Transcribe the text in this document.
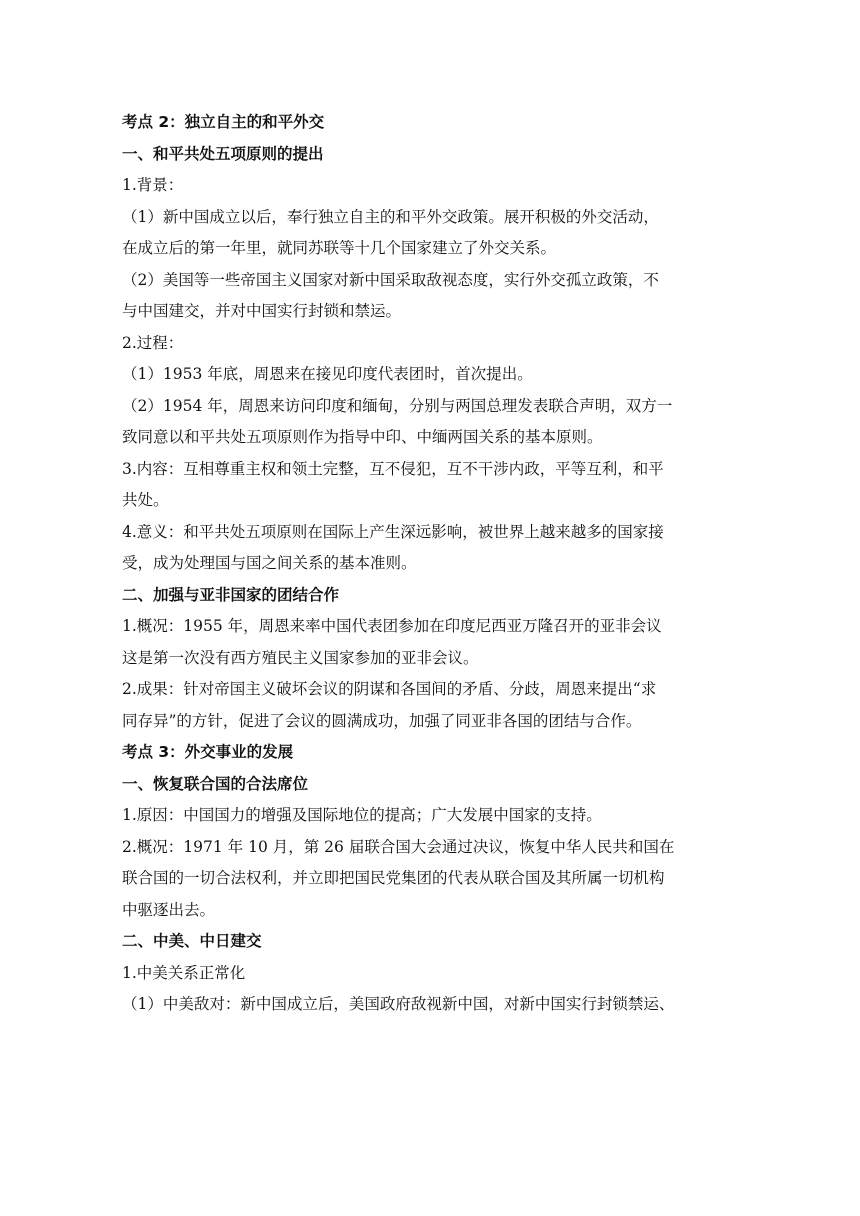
考点 2：独立自主的和平外交
一、和平共处五项原则的提出
1.背景：
（1）新中国成立以后，奉行独立自主的和平外交政策。展开积极的外交活动，
在成立后的第一年里，就同苏联等十几个国家建立了外交关系。
（2）美国等一些帝国主义国家对新中国采取敌视态度，实行外交孤立政策，不
与中国建交，并对中国实行封锁和禁运。
2.过程：
（1）1953 年底，周恩来在接见印度代表团时，首次提出。
（2）1954 年，周恩来访问印度和缅甸，分别与两国总理发表联合声明，双方一
致同意以和平共处五项原则作为指导中印、中缅两国关系的基本原则。
3.内容：互相尊重主权和领土完整，互不侵犯，互不干涉内政，平等互利，和平
共处。
4.意义：和平共处五项原则在国际上产生深远影响，被世界上越来越多的国家接
受，成为处理国与国之间关系的基本准则。
二、加强与亚非国家的团结合作
1.概况：1955 年，周恩来率中国代表团参加在印度尼西亚万隆召开的亚非会议
这是第一次没有西方殖民主义国家参加的亚非会议。
2.成果：针对帝国主义破坏会议的阴谋和各国间的矛盾、分歧，周恩来提出“求
同存异”的方针，促进了会议的圆满成功，加强了同亚非各国的团结与合作。
考点 3：外交事业的发展
一、恢复联合国的合法席位
1.原因：中国国力的增强及国际地位的提高；广大发展中国家的支持。
2.概况：1971 年 10 月，第 26 届联合国大会通过决议，恢复中华人民共和国在
联合国的一切合法权利，并立即把国民党集团的代表从联合国及其所属一切机构
中驱逐出去。
二、中美、中日建交
1.中美关系正常化
（1）中美敌对：新中国成立后，美国政府敌视新中国，对新中国实行封锁禁运、
